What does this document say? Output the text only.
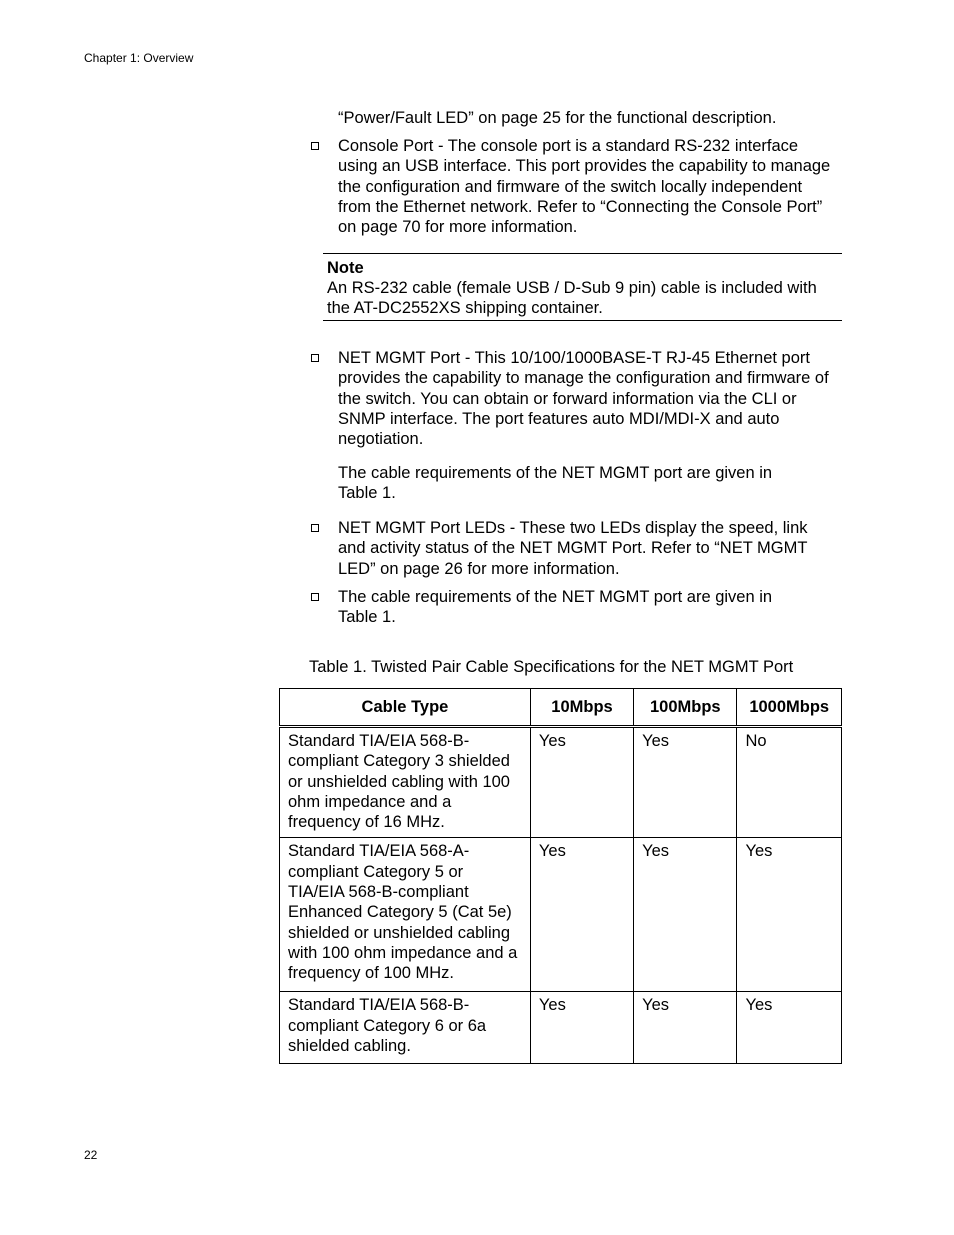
Chapter 1: Overview

“Power/Fault LED” on page 25 for the functional description.

Console Port - The console port is a standard RS-232 interface using an USB interface. This port provides the capability to manage the configuration and firmware of the switch locally independent from the Ethernet network. Refer to “Connecting the Console Port” on page 70 for more information.

Note
An RS-232 cable (female USB / D-Sub 9 pin) cable is included with the AT-DC2552XS shipping container.

NET MGMT Port - This 10/100/1000BASE-T RJ-45 Ethernet port provides the capability to manage the configuration and firmware of the switch. You can obtain or forward information via the CLI or SNMP interface. The port features auto MDI/MDI-X and auto negotiation.

The cable requirements of the NET MGMT port are given in Table 1.

NET MGMT Port LEDs - These two LEDs display the speed, link and activity status of the NET MGMT Port. Refer to “NET MGMT LED” on page 26 for more information.

The cable requirements of the NET MGMT port are given in Table 1.

Table 1. Twisted Pair Cable Specifications for the NET MGMT Port
Cable Type	10Mbps	100Mbps	1000Mbps

Standard TIA/EIA 568-B-compliant Category 3 shielded or unshielded cabling with 100 ohm impedance and a frequency of 16 MHz.	Yes	Yes	No

Standard TIA/EIA 568-A-compliant Category 5 or TIA/EIA 568-B-compliant Enhanced Category 5 (Cat 5e) shielded or unshielded cabling with 100 ohm impedance and a frequency of 100 MHz.	Yes	Yes	Yes

Standard TIA/EIA 568-B-compliant Category 6 or 6a shielded cabling.	Yes	Yes	Yes
22
